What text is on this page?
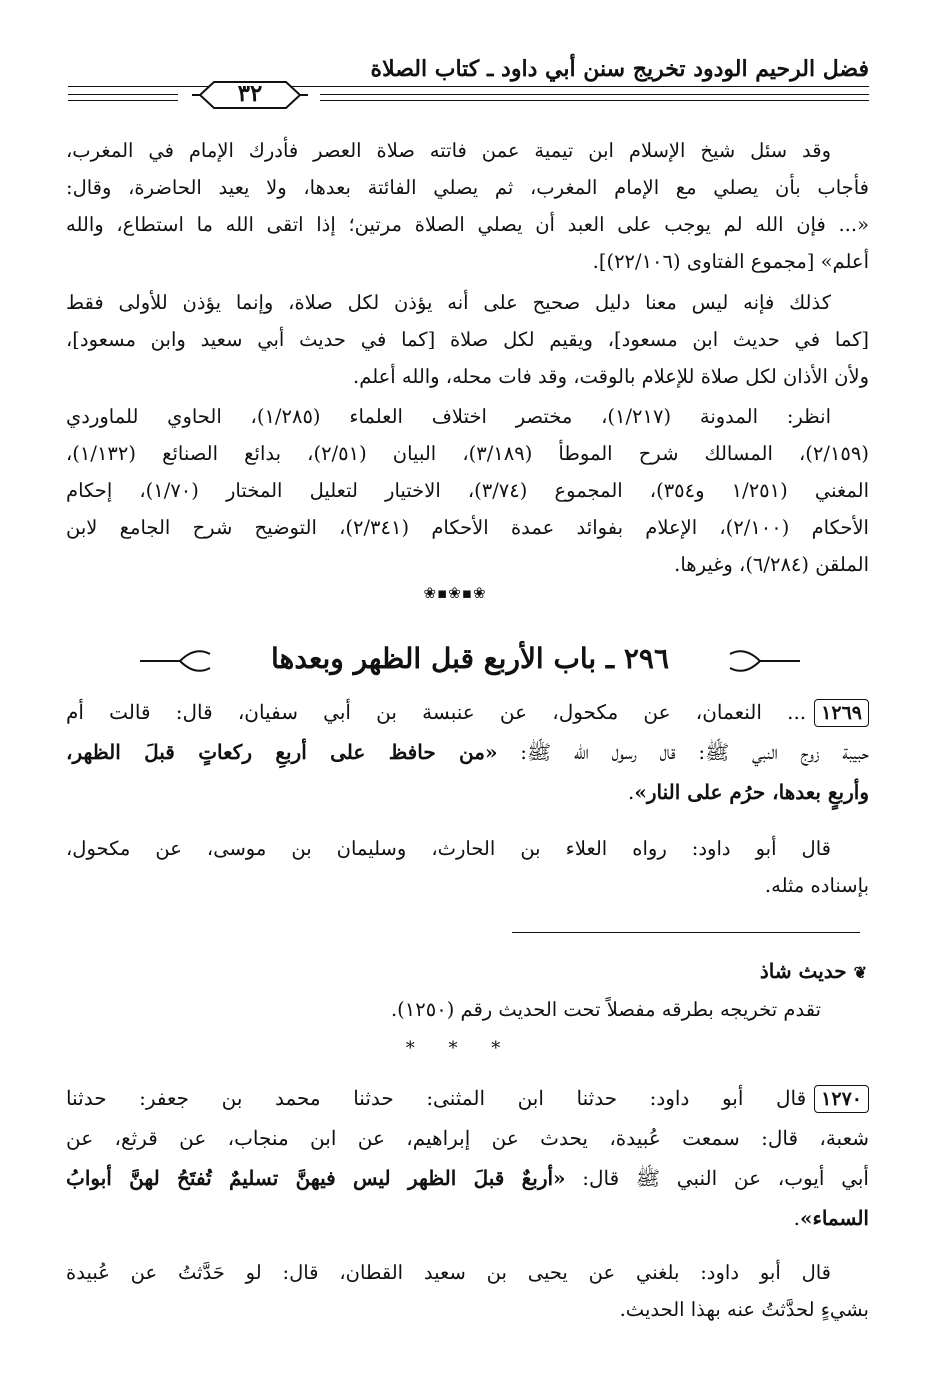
فضل الرحيم الودود تخريج سنن أبي داود ـ كتاب الصلاة
٣٢
وقد سئل شيخ الإسلام ابن تيمية عمن فاتته صلاة العصر فأدرك الإمام في المغرب،
فأجاب بأن يصلي مع الإمام المغرب، ثم يصلي الفائتة بعدها، ولا يعيد الحاضرة، وقال:
«... فإن الله لم يوجب على العبد أن يصلي الصلاة مرتين؛ إذا اتقى الله ما استطاع، والله
أعلم» [مجموع الفتاوى (٢٢/١٠٦)].
كذلك فإنه ليس معنا دليل صحيح على أنه يؤذن لكل صلاة، وإنما يؤذن للأولى فقط
[كما في حديث ابن مسعود]، ويقيم لكل صلاة [كما في حديث أبي سعيد وابن مسعود]،
ولأن الأذان لكل صلاة للإعلام بالوقت، وقد فات محله، والله أعلم.
انظر: المدونة (١/٢١٧)، مختصر اختلاف العلماء (١/٢٨٥)، الحاوي للماوردي
(٢/١٥٩)، المسالك شرح الموطأ (٣/١٨٩)، البيان (٢/٥١)، بدائع الصنائع (١/١٣٢)،
المغني (١/٢٥١ و٣٥٤)، المجموع (٣/٧٤)، الاختيار لتعليل المختار (١/٧٠)، إحكام
الأحكام (٢/١٠٠)، الإعلام بفوائد عمدة الأحكام (٢/٣٤١)، التوضيح شرح الجامع لابن
الملقن (٦/٢٨٤)، وغيرها.
❀▪❀▪❀
٢٩٦ ـ باب الأربع قبل الظهر وبعدها
١٢٦٩... النعمان، عن مكحول، عن عنبسة بن أبي سفيان، قال: قالت أم
حبيبة زوج النبي ﷺ: قال رسول الله ﷺ: «من حافظ على أربعِ ركعاتٍ قبلَ الظهر،
وأربعٍ بعدها، حرُم على النار».
قال أبو داود: رواه العلاء بن الحارث، وسليمان بن موسى، عن مكحول،
بإسناده مثله.
❦ حديث شاذ
تقدم تخريجه بطرقه مفصلاً تحت الحديث رقم (١٢٥٠).
* * *
١٢٧٠قال أبو داود: حدثنا ابن المثنى: حدثنا محمد بن جعفر: حدثنا
شعبة، قال: سمعت عُبيدة، يحدث عن إبراهيم، عن ابن منجاب، عن قرثع، عن
أبي أيوب، عن النبي ﷺ قال: «أربعٌ قبلَ الظهر ليس فيهنَّ تسليمٌ تُفتَحُ لهنَّ أبوابُ
السماء».
قال أبو داود: بلغني عن يحيى بن سعيد القطان، قال: لو حَدَّثتُ عن عُبيدة
بشيءٍ لحدَّثتُ عنه بهذا الحديث.
